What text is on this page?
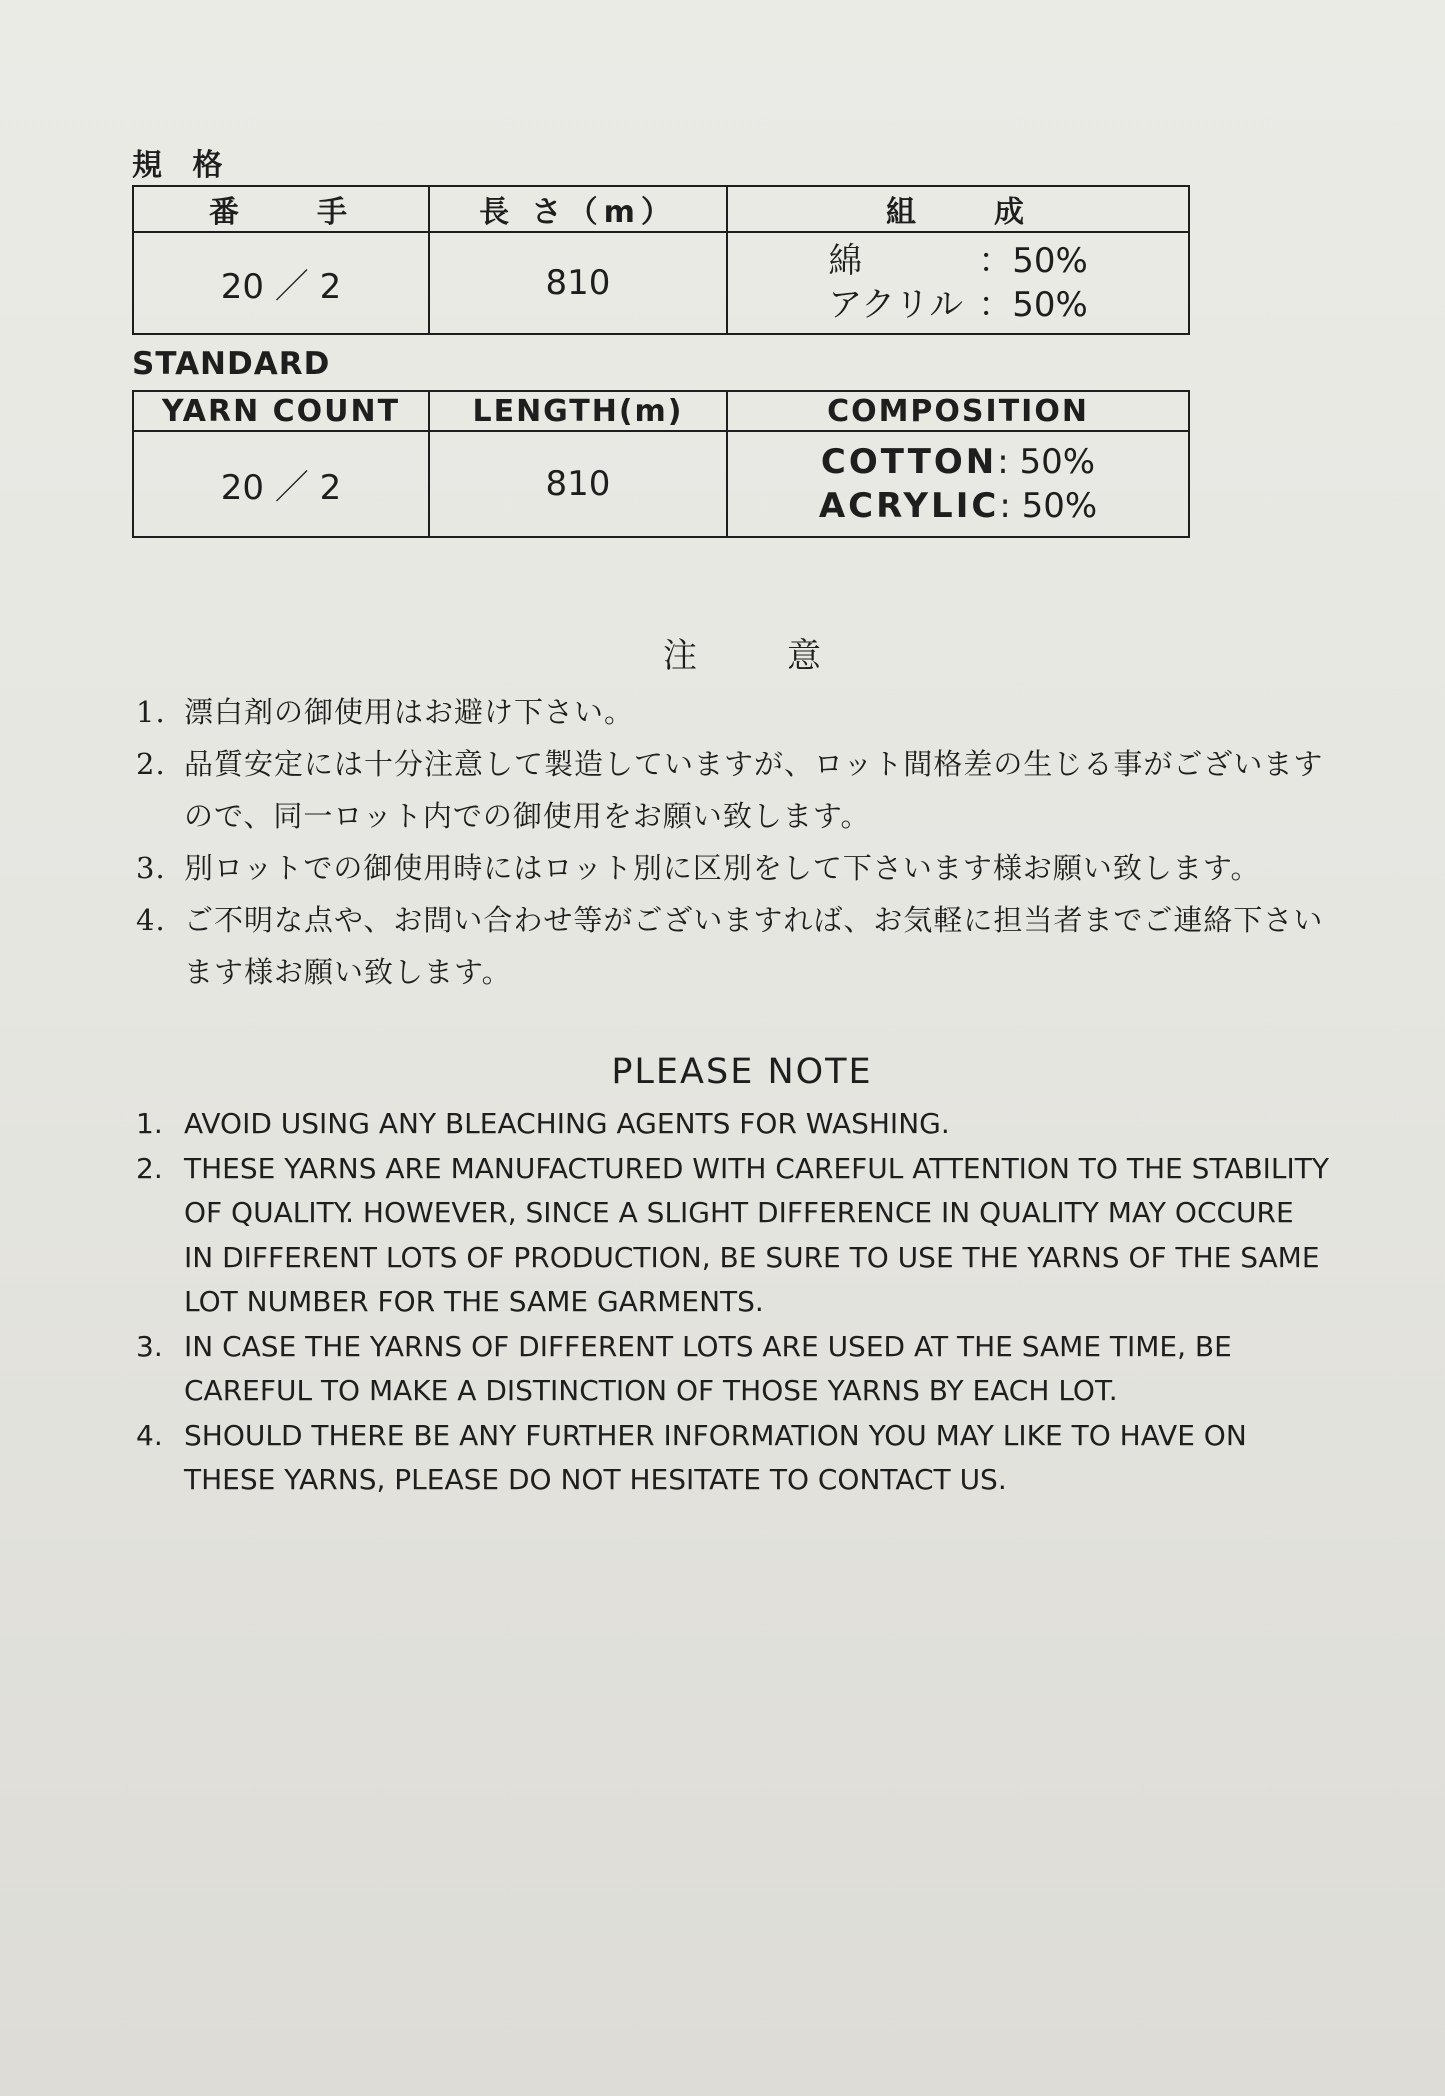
規 格
番　　手	長 さ（m）	組　　成
20 ／ 2	810	綿 ：50%
アクリル ：50%
STANDARD
YARN COUNT	LENGTH(m)	COMPOSITION
20 ／ 2	810	COTTON: 50%
ACRYLIC: 50%
注意
1. 漂白剤の御使用はお避け下さい。
2. 品質安定には十分注意して製造していますが、ロット間格差の生じる事がございますので、同一ロット内での御使用をお願い致します。
3. 別ロットでの御使用時にはロット別に区別をして下さいます様お願い致します。
4. ご不明な点や、お問い合わせ等がございますれば、お気軽に担当者までご連絡下さいます様お願い致します。
PLEASE NOTE
1. AVOID USING ANY BLEACHING AGENTS FOR WASHING.
2. THESE YARNS ARE MANUFACTURED WITH CAREFUL ATTENTION TO THE STABILITY OF QUALITY. HOWEVER, SINCE A SLIGHT DIFFERENCE IN QUALITY MAY OCCURE IN DIFFERENT LOTS OF PRODUCTION, BE SURE TO USE THE YARNS OF THE SAME LOT NUMBER FOR THE SAME GARMENTS.
3. IN CASE THE YARNS OF DIFFERENT LOTS ARE USED AT THE SAME TIME, BE CAREFUL TO MAKE A DISTINCTION OF THOSE YARNS BY EACH LOT.
4. SHOULD THERE BE ANY FURTHER INFORMATION YOU MAY LIKE TO HAVE ON THESE YARNS, PLEASE DO NOT HESITATE TO CONTACT US.
